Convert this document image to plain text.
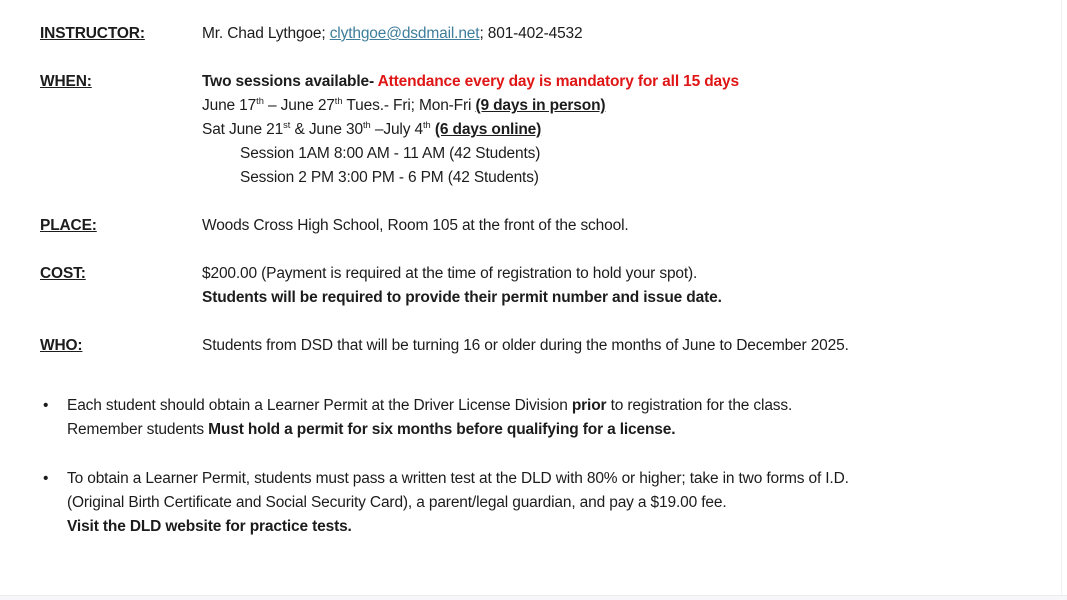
INSTRUCTOR:	Mr. Chad Lythgoe; clythgoe@dsdmail.net; 801-402-4532
WHEN:	Two sessions available- Attendance every day is mandatory for all 15 days
June 17th – June 27th Tues.- Fri; Mon-Fri (9 days in person)
Sat June 21st & June 30th –July 4th (6 days online)
Session 1AM 8:00 AM - 11 AM (42 Students)
Session 2 PM 3:00 PM - 6 PM (42 Students)
PLACE:	Woods Cross High School, Room 105 at the front of the school.
COST:	$200.00 (Payment is required at the time of registration to hold your spot).
Students will be required to provide their permit number and issue date.
WHO:	Students from DSD that will be turning 16 or older during the months of June to December 2025.
•	Each student should obtain a Learner Permit at the Driver License Division prior to registration for the class.
Remember students Must hold a permit for six months before qualifying for a license.
•	To obtain a Learner Permit, students must pass a written test at the DLD with 80% or higher; take in two forms of I.D.
(Original Birth Certificate and Social Security Card), a parent/legal guardian, and pay a $19.00 fee.
Visit the DLD website for practice tests.
